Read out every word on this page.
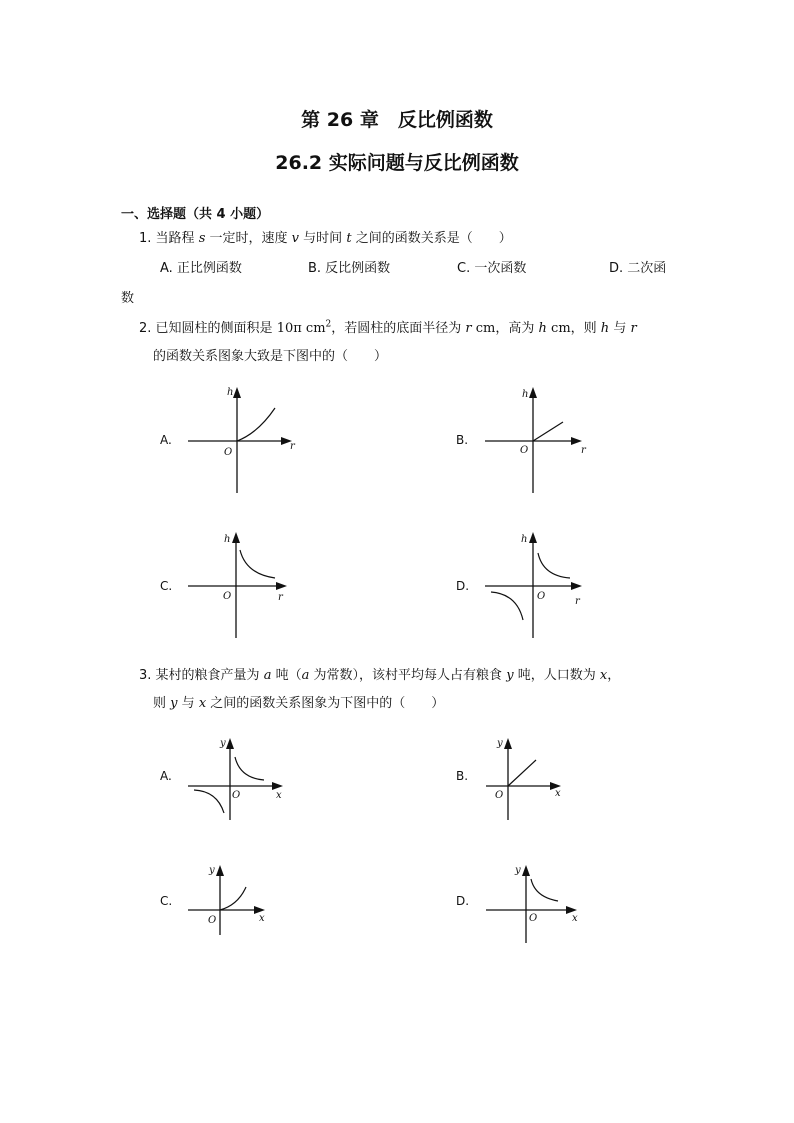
第 26 章　反比例函数
26.2 实际问题与反比例函数
一、选择题（共 4 小题）
1. 当路程 s 一定时，速度 v 与时间 t 之间的函数关系是（　　）
A. 正比例函数	B. 反比例函数	C. 一次函数	D. 二次函
数
2. 已知圆柱的侧面积是 10π $cm^2$，若圆柱的底面半径为 r cm，高为 h cm，则 h 与 r
的函数关系图象大致是下图中的（　　）
A.	B.
C.	D.
h
r
O
h
r
O
h
r
O
h
r
O
3. 某村的粮食产量为 a 吨（a 为常数），该村平均每人占有粮食 y 吨，人口数为 x，
则 y 与 x 之间的函数关系图象为下图中的（　　）
A.	B.
C.	D.
y
x
O
y
x
O
y
x
O
y
x
O
